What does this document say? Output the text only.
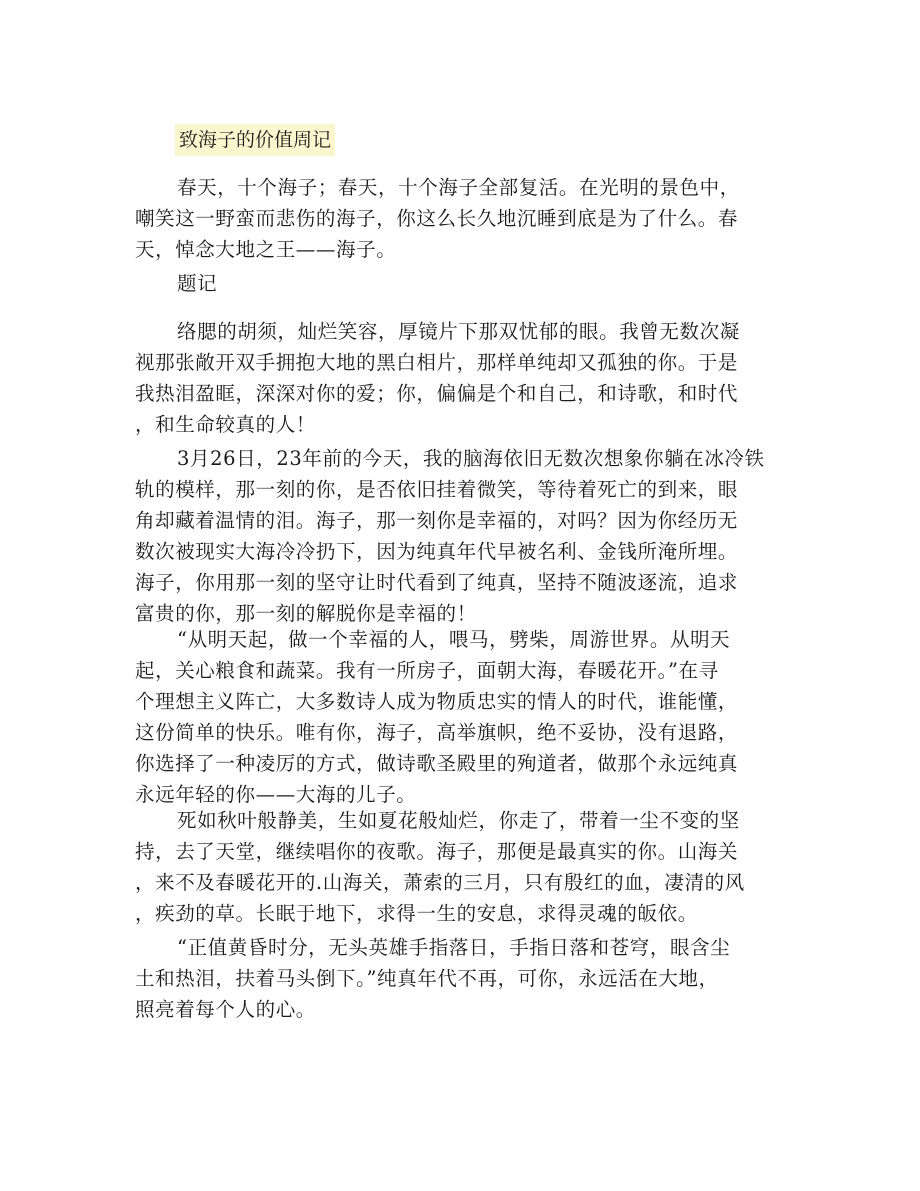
致海子的价值周记
春天，十个海子；春天，十个海子全部复活。在光明的景色中，
嘲笑这一野蛮而悲伤的海子，你这么长久地沉睡到底是为了什么。春
天，悼念大地之王——海子。
题记
络腮的胡须，灿烂笑容，厚镜片下那双忧郁的眼。我曾无数次凝
视那张敞开双手拥抱大地的黑白相片，那样单纯却又孤独的你。于是
我热泪盈眶，深深对你的爱；你，偏偏是个和自己，和诗歌，和时代
，和生命较真的人！
3月26日，23年前的今天，我的脑海依旧无数次想象你躺在冰冷铁
轨的模样，那一刻的你，是否依旧挂着微笑，等待着死亡的到来，眼
角却藏着温情的泪。海子，那一刻你是幸福的，对吗？因为你经历无
数次被现实大海冷冷扔下，因为纯真年代早被名利、金钱所淹所埋。
海子，你用那一刻的坚守让时代看到了纯真，坚持不随波逐流，追求
富贵的你，那一刻的解脱你是幸福的！
“从明天起，做一个幸福的人，喂马，劈柴，周游世界。从明天
起，关心粮食和蔬菜。我有一所房子，面朝大海，春暖花开。”在寻
个理想主义阵亡，大多数诗人成为物质忠实的情人的时代，谁能懂，
这份简单的快乐。唯有你，海子，高举旗帜，绝不妥协，没有退路，
你选择了一种凌厉的方式，做诗歌圣殿里的殉道者，做那个永远纯真
永远年轻的你——大海的儿子。
死如秋叶般静美，生如夏花般灿烂，你走了，带着一尘不变的坚
持，去了天堂，继续唱你的夜歌。海子，那便是最真实的你。山海关
，来不及春暖花开的.山海关，萧索的三月，只有殷红的血，凄清的风
，疾劲的草。长眠于地下，求得一生的安息，求得灵魂的皈依。
“正值黄昏时分，无头英雄手指落日，手指日落和苍穹，眼含尘
土和热泪，扶着马头倒下。”纯真年代不再，可你，永远活在大地，
照亮着每个人的心。
